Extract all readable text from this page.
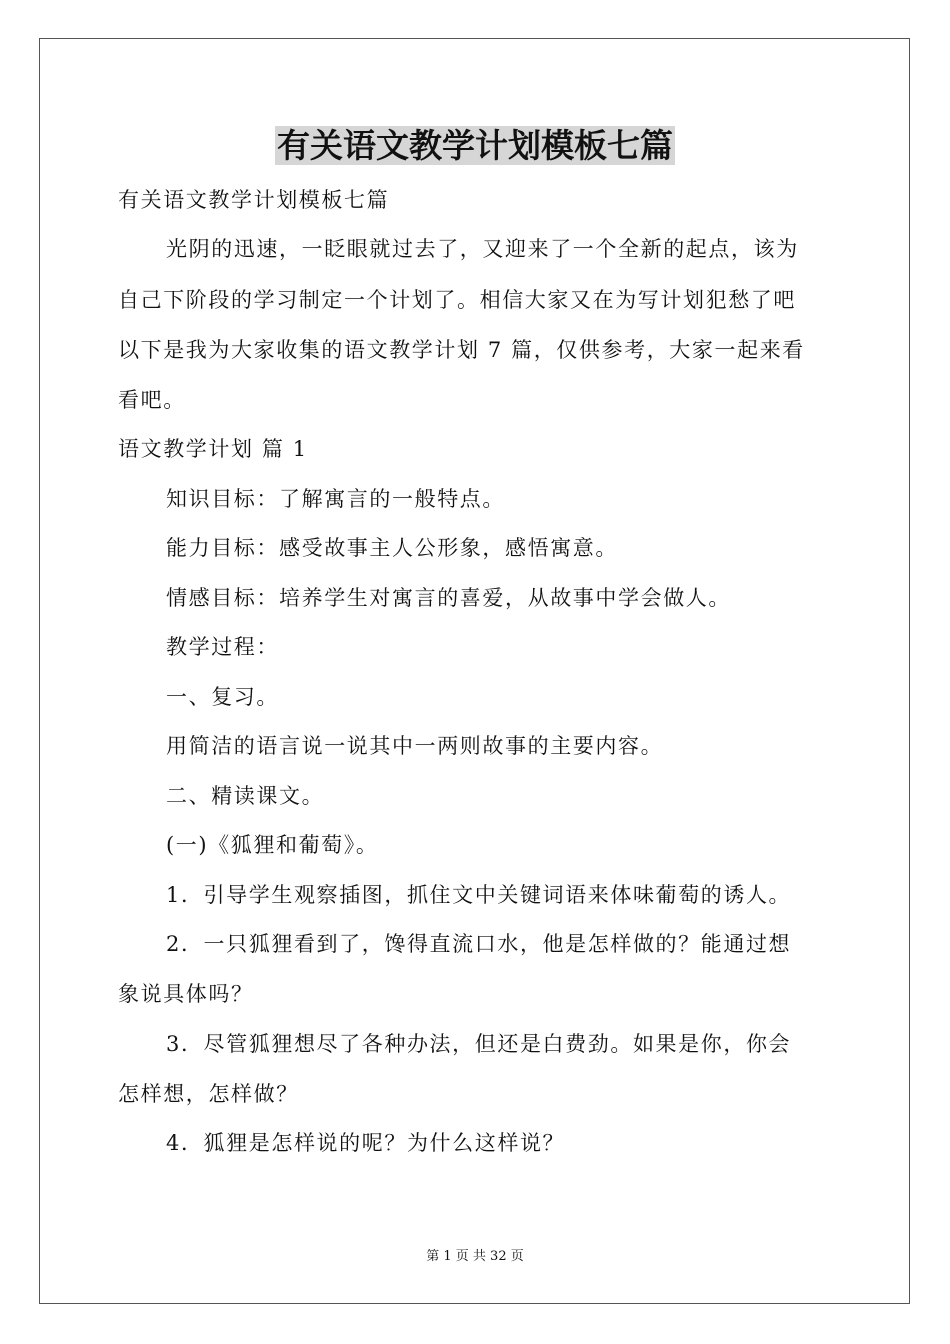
有关语文教学计划模板七篇
有关语文教学计划模板七篇
光阴的迅速，一眨眼就过去了，又迎来了一个全新的起点，该为
自己下阶段的学习制定一个计划了。相信大家又在为写计划犯愁了吧
以下是我为大家收集的语文教学计划 7 篇，仅供参考，大家一起来看
看吧。
语文教学计划 篇 1
知识目标：了解寓言的一般特点。
能力目标：感受故事主人公形象，感悟寓意。
情感目标：培养学生对寓言的喜爱，从故事中学会做人。
教学过程：
一、复习。
用简洁的语言说一说其中一两则故事的主要内容。
二、精读课文。
(一)《狐狸和葡萄》。
1．引导学生观察插图，抓住文中关键词语来体味葡萄的诱人。
2．一只狐狸看到了，馋得直流口水，他是怎样做的？能通过想
象说具体吗？
3．尽管狐狸想尽了各种办法，但还是白费劲。如果是你，你会
怎样想，怎样做？
4．狐狸是怎样说的呢？为什么这样说？
第 1 页 共 32 页
